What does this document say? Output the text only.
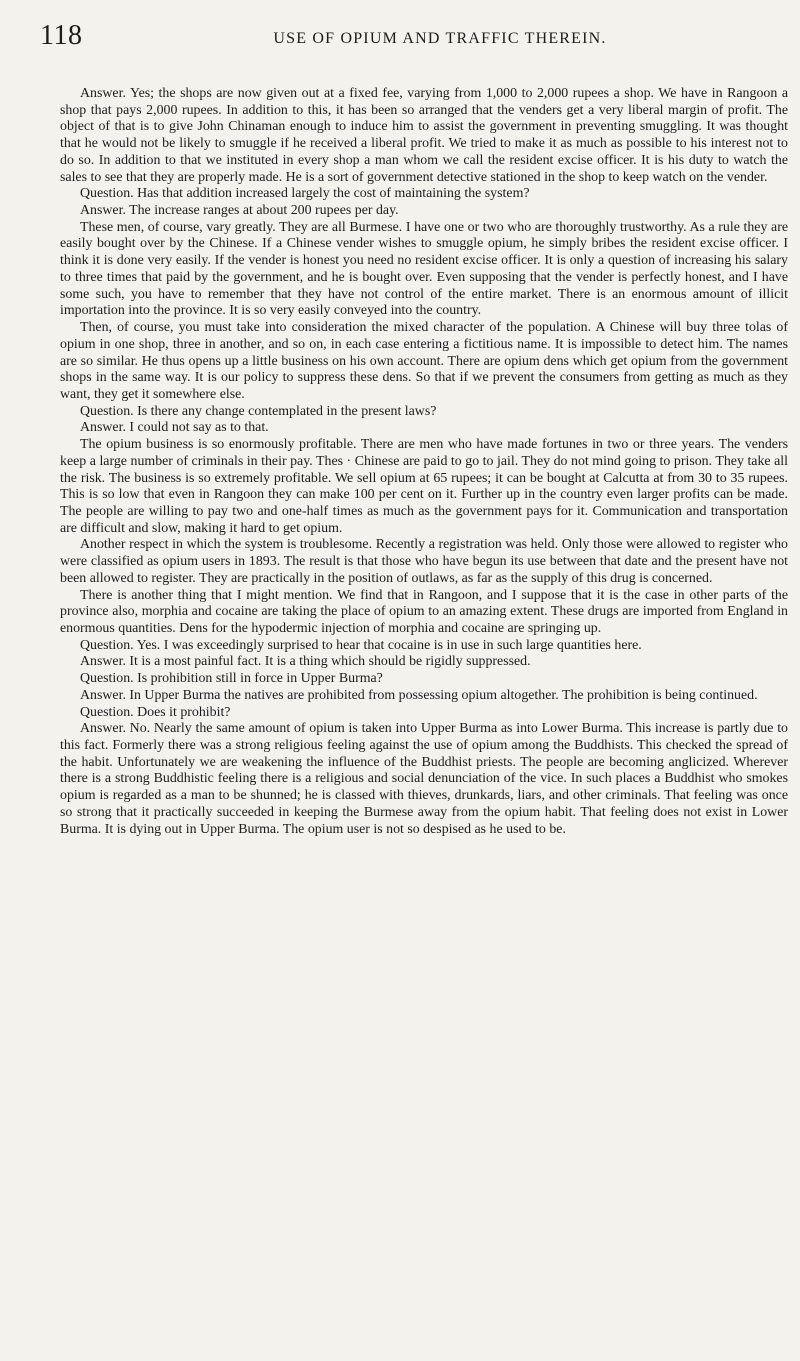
118	USE OF OPIUM AND TRAFFIC THEREIN.

Answer. Yes; the shops are now given out at a fixed fee, varying from 1,000 to 2,000 rupees a shop. We have in Rangoon a shop that pays 2,000 rupees. In addition to this, it has been so arranged that the venders get a very liberal margin of profit. The object of that is to give John Chinaman enough to induce him to assist the government in preventing smuggling. It was thought that he would not be likely to smuggle if he received a liberal profit. We tried to make it as much as possible to his interest not to do so. In addition to that we instituted in every shop a man whom we call the resident excise officer. It is his duty to watch the sales to see that they are properly made. He is a sort of government detective stationed in the shop to keep watch on the vender.

Question. Has that addition increased largely the cost of maintaining the system?

Answer. The increase ranges at about 200 rupees per day.

These men, of course, vary greatly. They are all Burmese. I have one or two who are thoroughly trustworthy. As a rule they are easily bought over by the Chinese. If a Chinese vender wishes to smuggle opium, he simply bribes the resident excise officer. I think it is done very easily. If the vender is honest you need no resident excise officer. It is only a question of increasing his salary to three times that paid by the government, and he is bought over. Even supposing that the vender is perfectly honest, and I have some such, you have to remember that they have not control of the entire market. There is an enormous amount of illicit importation into the province. It is so very easily conveyed into the country.

Then, of course, you must take into consideration the mixed character of the population. A Chinese will buy three tolas of opium in one shop, three in another, and so on, in each case entering a fictitious name. It is impossible to detect him. The names are so similar. He thus opens up a little business on his own account. There are opium dens which get opium from the government shops in the same way. It is our policy to suppress these dens. So that if we prevent the consumers from getting as much as they want, they get it somewhere else.

Question. Is there any change contemplated in the present laws?

Answer. I could not say as to that.

The opium business is so enormously profitable. There are men who have made fortunes in two or three years. The venders keep a large number of criminals in their pay. Thes · Chinese are paid to go to jail. They do not mind going to prison. They take all the risk. The business is so extremely profitable. We sell opium at 65 rupees; it can be bought at Calcutta at from 30 to 35 rupees. This is so low that even in Rangoon they can make 100 per cent on it. Further up in the country even larger profits can be made. The people are willing to pay two and one-half times as much as the government pays for it. Communication and transportation are difficult and slow, making it hard to get opium.

Another respect in which the system is troublesome. Recently a registration was held. Only those were allowed to register who were classified as opium users in 1893. The result is that those who have begun its use between that date and the present have not been allowed to register. They are practically in the position of outlaws, as far as the supply of this drug is concerned.

There is another thing that I might mention. We find that in Rangoon, and I suppose that it is the case in other parts of the province also, morphia and cocaine are taking the place of opium to an amazing extent. These drugs are imported from England in enormous quantities. Dens for the hypodermic injection of morphia and cocaine are springing up.

Question. Yes. I was exceedingly surprised to hear that cocaine is in use in such large quantities here.

Answer. It is a most painful fact. It is a thing which should be rigidly suppressed.

Question. Is prohibition still in force in Upper Burma?

Answer. In Upper Burma the natives are prohibited from possessing opium altogether. The prohibition is being continued.

Question. Does it prohibit?

Answer. No. Nearly the same amount of opium is taken into Upper Burma as into Lower Burma. This increase is partly due to this fact. Formerly there was a strong religious feeling against the use of opium among the Buddhists. This checked the spread of the habit. Unfortunately we are weakening the influence of the Buddhist priests. The people are becoming anglicized. Wherever there is a strong Buddhistic feeling there is a religious and social denunciation of the vice. In such places a Buddhist who smokes opium is regarded as a man to be shunned; he is classed with thieves, drunkards, liars, and other criminals. That feeling was once so strong that it practically succeeded in keeping the Burmese away from the opium habit. That feeling does not exist in Lower Burma. It is dying out in Upper Burma. The opium user is not so despised as he used to be.
